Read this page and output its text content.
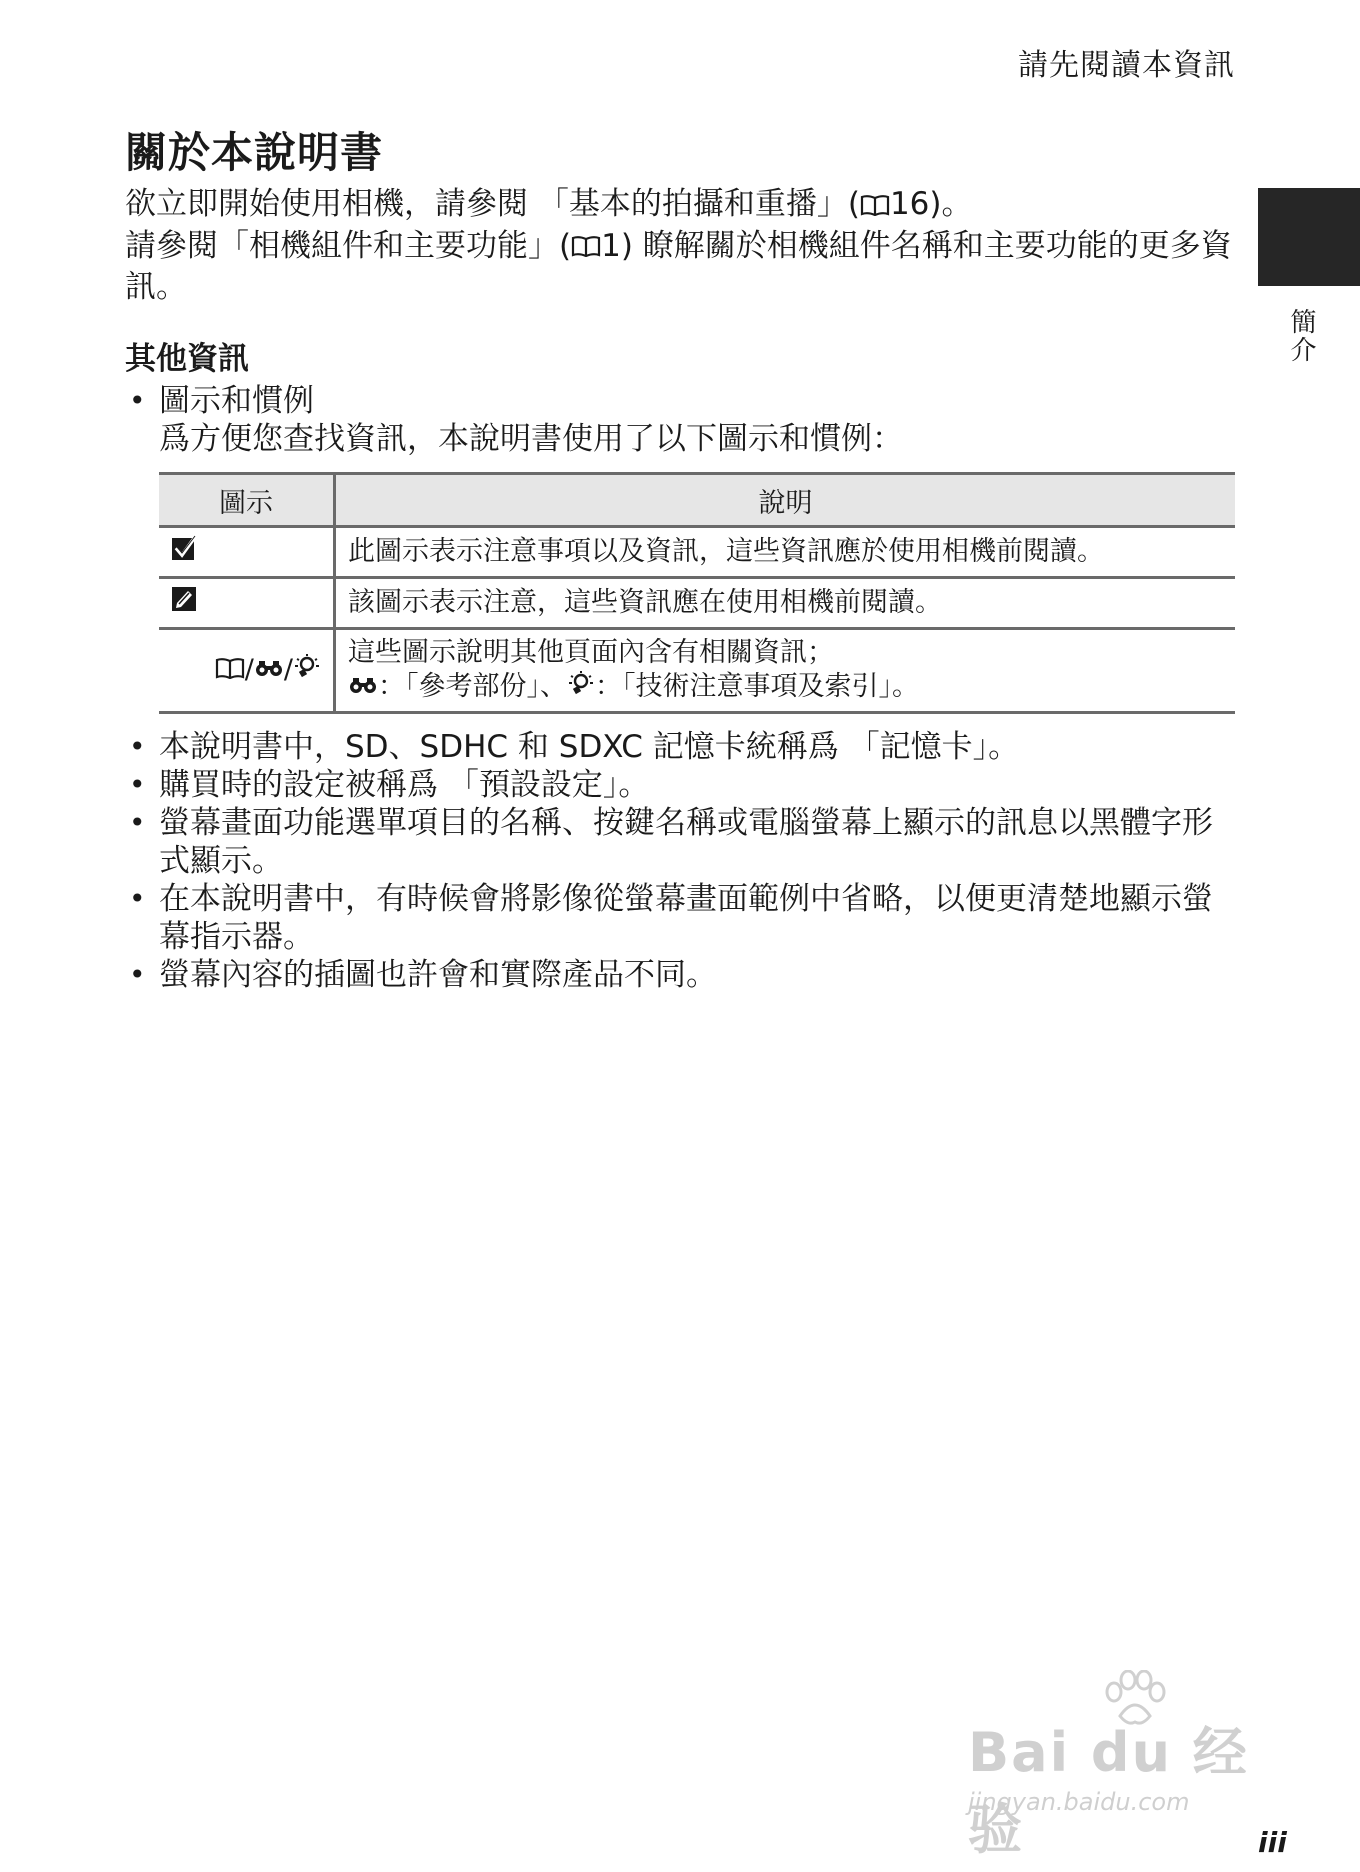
請先閱讀本資訊
簡介
關於本說明書

欲立即開始使用相機，請參閱 「基本的拍攝和重播」( 16)。

請參閱「相機組件和主要功能」( 1) 瞭解關於相機組件名稱和主要功能的更多資訊。

其他資訊
• 圖示和慣例
爲方便您查找資訊，本說明書使用了以下圖示和慣例：
圖示	說明
	此圖示表示注意事項以及資訊，這些資訊應於使用相機前閱讀。
	該圖示表示注意，這些資訊應在使用相機前閱讀。
/ /	這些圖示說明其他頁面內含有相關資訊；
：「參考部份」、 ：「技術注意事項及索引」。
• 本說明書中，SD、SDHC 和 SDXC 記憶卡統稱爲 「記憶卡」。
• 購買時的設定被稱爲 「預設設定」。
• 螢幕畫面功能選單項目的名稱、按鍵名稱或電腦螢幕上顯示的訊息以黑體字形式顯示。
• 在本說明書中，有時候會將影像從螢幕畫面範例中省略，以便更清楚地顯示螢幕指示器。
• 螢幕內容的插圖也許會和實際產品不同。
Bai du 经验
jingyan.baidu.com
iii
